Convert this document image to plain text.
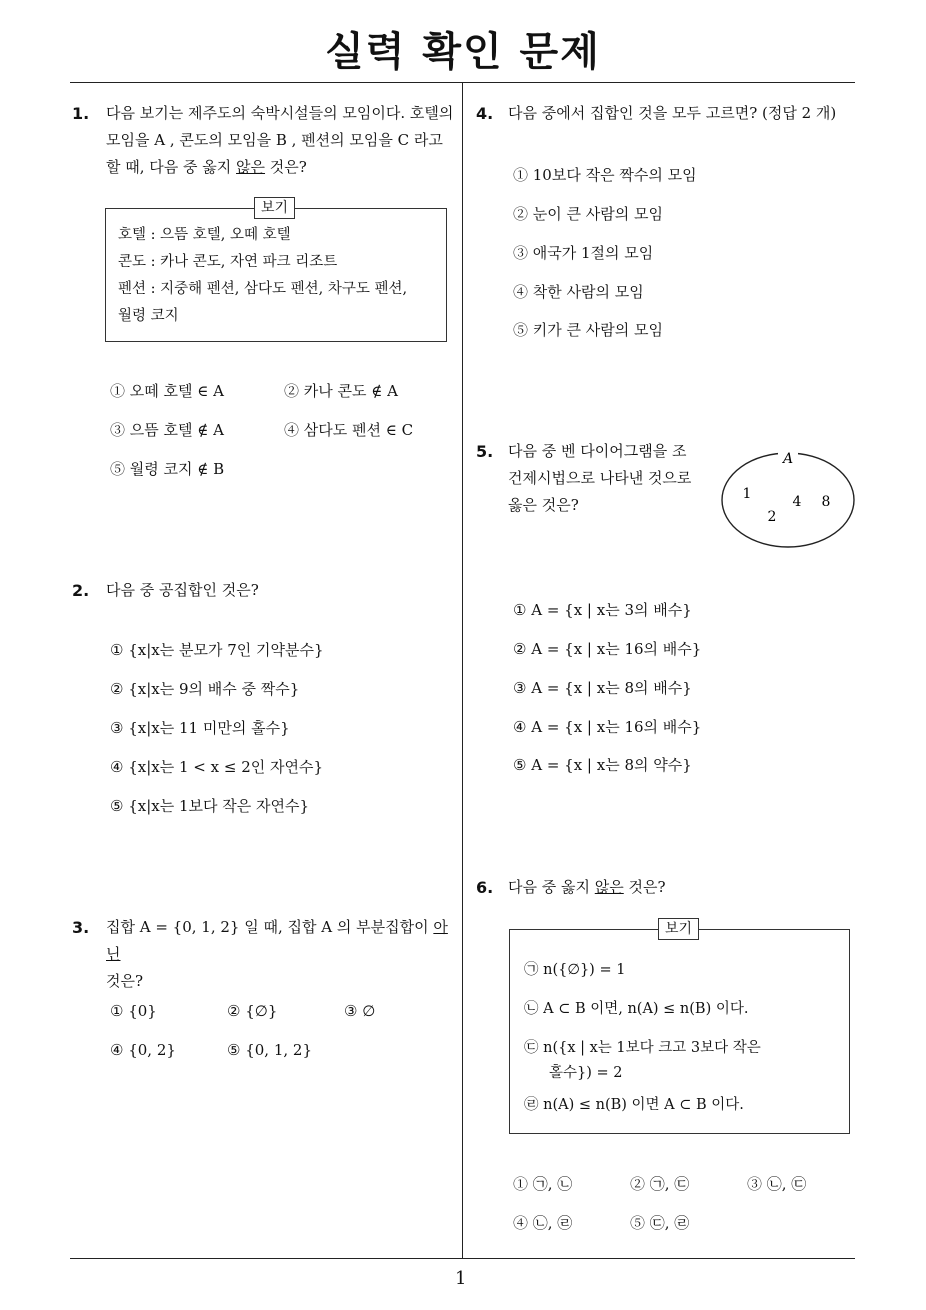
실력 확인 문제
1
1. 다음 보기는 제주도의 숙박시설들의 모임이다. 호텔의
모임을 A , 콘도의 모임을 B , 펜션의 모임을 C 라고
할 때, 다음 중 옳지 않은 것은?
보기
호텔 : 으뜸 호텔, 오떼 호텔
콘도 : 카나 콘도, 자연 파크 리조트
펜션 : 지중해 펜션, 삼다도 펜션, 차구도 펜션,
월령 코지
① 오떼 호텔 ∈ A	② 카나 콘도 ∉ A
③ 으뜸 호텔 ∉ A	④ 삼다도 펜션 ∈ C
⑤ 월령 코지 ∉ B
2. 다음 중 공집합인 것은?
① {x|x는 분모가 7인 기약분수}
② {x|x는 9의 배수 중 짝수}
③ {x|x는 11 미만의 홀수}
④ {x|x는 1 < x ≤ 2인 자연수}
⑤ {x|x는 1보다 작은 자연수}
3. 집합 A = {0, 1, 2} 일 때, 집합 A 의 부분집합이 아닌
것은?
① {0}	② {∅}	③ ∅
④ {0, 2}	⑤ {0, 1, 2}
4. 다음 중에서 집합인 것을 모두 고르면? (정답 2 개)
① 10보다 작은 짝수의 모임
② 눈이 큰 사람의 모임
③ 애국가 1절의 모임
④ 착한 사람의 모임
⑤ 키가 큰 사람의 모임
5. 다음 중 벤 다이어그램을 조
건제시법으로 나타낸 것으로
옳은 것은?
A
1
2
4 8
① A = {x | x는 3의 배수}
② A = {x | x는 16의 배수}
③ A = {x | x는 8의 배수}
④ A = {x | x는 16의 배수}
⑤ A = {x | x는 8의 약수}
6. 다음 중 옳지 않은 것은?
보기
㉠ n({∅}) = 1
㉡ A ⊂ B 이면, n(A) ≤ n(B) 이다.
㉢ n({x | x는 1보다 크고 3보다 작은
홀수}) = 2
㉣ n(A) ≤ n(B) 이면 A ⊂ B 이다.
① ㉠, ㉡	② ㉠, ㉢	③ ㉡, ㉢
④ ㉡, ㉣	⑤ ㉢, ㉣
